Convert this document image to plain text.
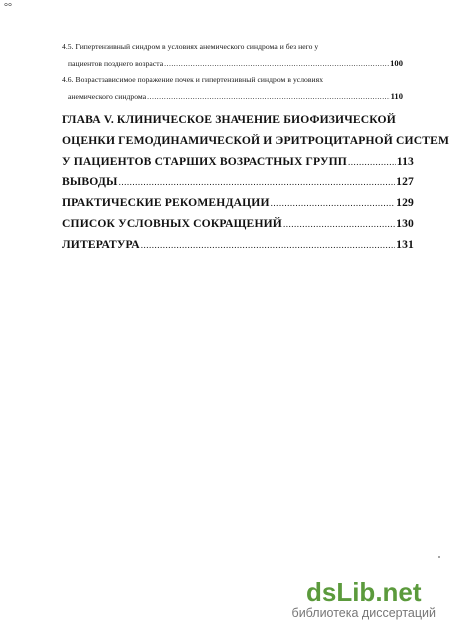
°°
4.5. Гипертензивный синдром в условиях анемического синдрома и без него у
пациентов позднего возраста .....	100
4.6. Возрастзависимое поражение почек и гипертензивный синдром в условиях
анемического синдрома .....	110
ГЛАВА V. КЛИНИЧЕСКОЕ ЗНАЧЕНИЕ БИОФИЗИЧЕСКОЙ
ОЦЕНКИ ГЕМОДИНАМИЧЕСКОЙ И ЭРИТРОЦИТАРНОЙ СИСТЕМ
У ПАЦИЕНТОВ СТАРШИХ ВОЗРАСТНЫХ ГРУПП .....	113
ВЫВОДЫ .....	127
ПРАКТИЧЕСКИЕ РЕКОМЕНДАЦИИ .....	129
СПИСОК УСЛОВНЫХ СОКРАЩЕНИЙ .....	130
ЛИТЕРАТУРА .....	131
dsLib.net
библиотека диссертаций
